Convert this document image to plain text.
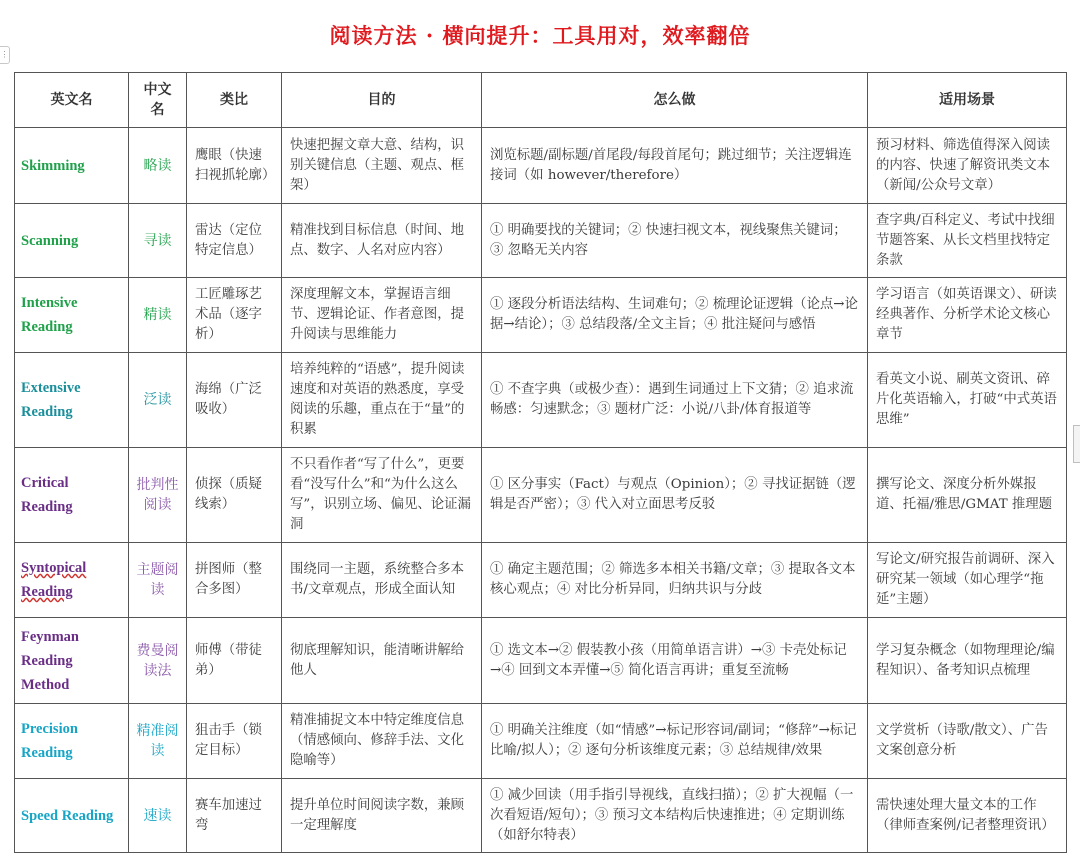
阅读方法 · 横向提升：工具用对，效率翻倍
⋮
英文名	中文名	类比	目的	怎么做	适用场景
Skimming	略读	鹰眼（快速扫视抓轮廓）	快速把握文章大意、结构，识别关键信息（主题、观点、框架）	浏览标题/副标题/首尾段/每段首尾句；跳过细节；关注逻辑连接词（如 however/therefore）	预习材料、筛选值得深入阅读的内容、快速了解资讯类文本（新闻/公众号文章）
Scanning	寻读	雷达（定位特定信息）	精准找到目标信息（时间、地点、数字、人名对应内容）	① 明确要找的关键词；② 快速扫视文本，视线聚焦关键词；③ 忽略无关内容	查字典/百科定义、考试中找细节题答案、从长文档里找特定条款
Intensive Reading	精读	工匠雕琢艺术品（逐字析）	深度理解文本，掌握语言细节、逻辑论证、作者意图，提升阅读与思维能力	① 逐段分析语法结构、生词难句；② 梳理论证逻辑（论点→论据→结论）；③ 总结段落/全文主旨；④ 批注疑问与感悟	学习语言（如英语课文）、研读经典著作、分析学术论文核心章节
Extensive Reading	泛读	海绵（广泛吸收）	培养纯粹的“语感”，提升阅读速度和对英语的熟悉度，享受阅读的乐趣，重点在于“量”的积累	① 不查字典（或极少查）：遇到生词通过上下文猜；② 追求流畅感：匀速默念；③ 题材广泛：小说/八卦/体育报道等	看英文小说、刷英文资讯、碎片化英语输入，打破“中式英语思维”
Critical Reading	批判性阅读	侦探（质疑线索）	不只看作者“写了什么”，更要看“没写什么”和“为什么这么写”，识别立场、偏见、论证漏洞	① 区分事实（Fact）与观点（Opinion）；② 寻找证据链（逻辑是否严密）；③ 代入对立面思考反驳	撰写论文、深度分析外媒报道、托福/雅思/GMAT 推理题
Syntopical Reading	主题阅读	拼图师（整合多图）	围绕同一主题，系统整合多本书/文章观点，形成全面认知	① 确定主题范围；② 筛选多本相关书籍/文章；③ 提取各文本核心观点；④ 对比分析异同，归纳共识与分歧	写论文/研究报告前调研、深入研究某一领域（如心理学“拖延”主题）
Feynman Reading Method	费曼阅读法	师傅（带徒弟）	彻底理解知识，能清晰讲解给他人	① 选文本→② 假装教小孩（用简单语言讲）→③ 卡壳处标记→④ 回到文本弄懂→⑤ 简化语言再讲；重复至流畅	学习复杂概念（如物理理论/编程知识）、备考知识点梳理
Precision Reading	精准阅读	狙击手（锁定目标）	精准捕捉文本中特定维度信息（情感倾向、修辞手法、文化隐喻等）	① 明确关注维度（如“情感”→标记形容词/副词；“修辞”→标记比喻/拟人）；② 逐句分析该维度元素；③ 总结规律/效果	文学赏析（诗歌/散文）、广告文案创意分析
Speed Reading	速读	赛车加速过弯	提升单位时间阅读字数，兼顾一定理解度	① 减少回读（用手指引导视线，直线扫描）；② 扩大视幅（一次看短语/短句）；③ 预习文本结构后快速推进；④ 定期训练（如舒尔特表）	需快速处理大量文本的工作（律师查案例/记者整理资讯）
